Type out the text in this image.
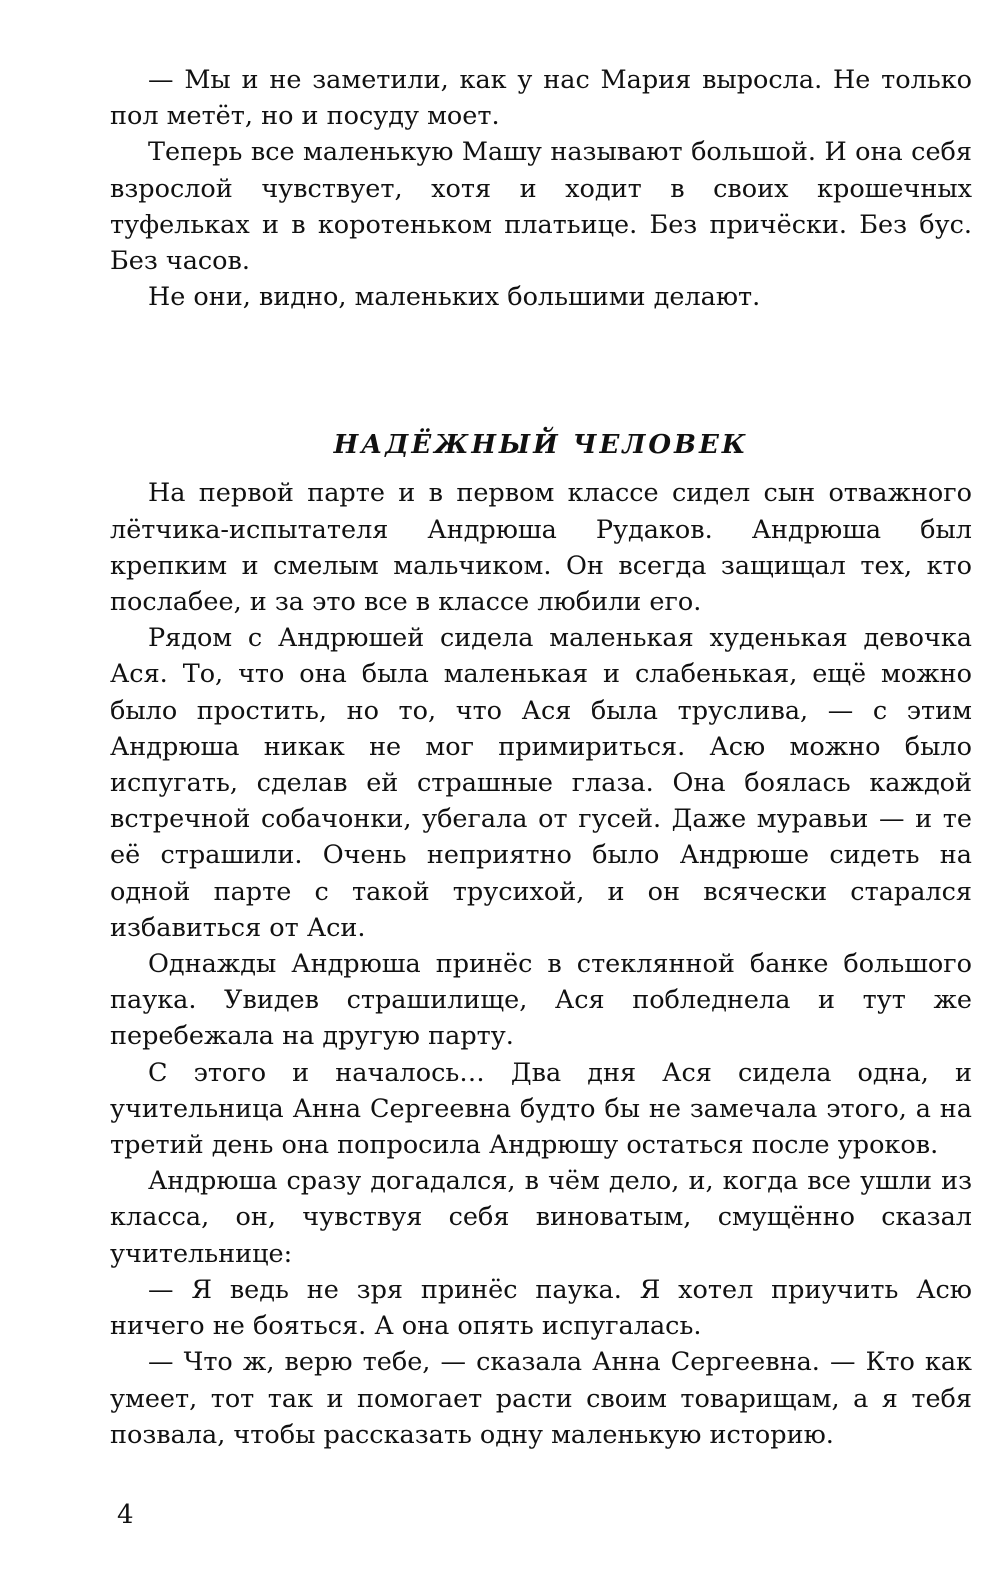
— Мы и не заметили, как у нас Мария выросла. Не только пол метёт, но и посуду моет.

Теперь все маленькую Машу называют большой. И она себя взрослой чувствует, хотя и ходит в своих крошечных туфельках и в коротеньком платьице. Без причёски. Без бус. Без часов.

Не они, видно, маленьких большими делают.

НАДЁЖНЫЙ ЧЕЛОВЕК

На первой парте и в первом классе сидел сын отважного лётчика-испытателя Андрюша Рудаков. Андрюша был крепким и смелым мальчиком. Он всегда защищал тех, кто послабее, и за это все в классе любили его.

Рядом с Андрюшей сидела маленькая худенькая девочка Ася. То, что она была маленькая и слабенькая, ещё можно было простить, но то, что Ася была труслива, — с этим Андрюша никак не мог примириться. Асю можно было испугать, сделав ей страшные глаза. Она боялась каждой встречной собачонки, убегала от гусей. Даже муравьи — и те её страшили. Очень неприятно было Андрюше сидеть на одной парте с такой трусихой, и он всячески старался избавиться от Аси.

Однажды Андрюша принёс в стеклянной банке большого паука. Увидев страшилище, Ася побледнела и тут же перебежала на другую парту.

С этого и началось… Два дня Ася сидела одна, и учительница Анна Сергеевна будто бы не замечала этого, а на третий день она попросила Андрюшу остаться после уроков.

Андрюша сразу догадался, в чём дело, и, когда все ушли из класса, он, чувствуя себя виноватым, смущённо сказал учительнице:

— Я ведь не зря принёс паука. Я хотел приучить Асю ничего не бояться. А она опять испугалась.

— Что ж, верю тебе, — сказала Анна Сергеевна. — Кто как умеет, тот так и помогает расти своим товарищам, а я тебя позвала, чтобы рассказать одну маленькую историю.

4
